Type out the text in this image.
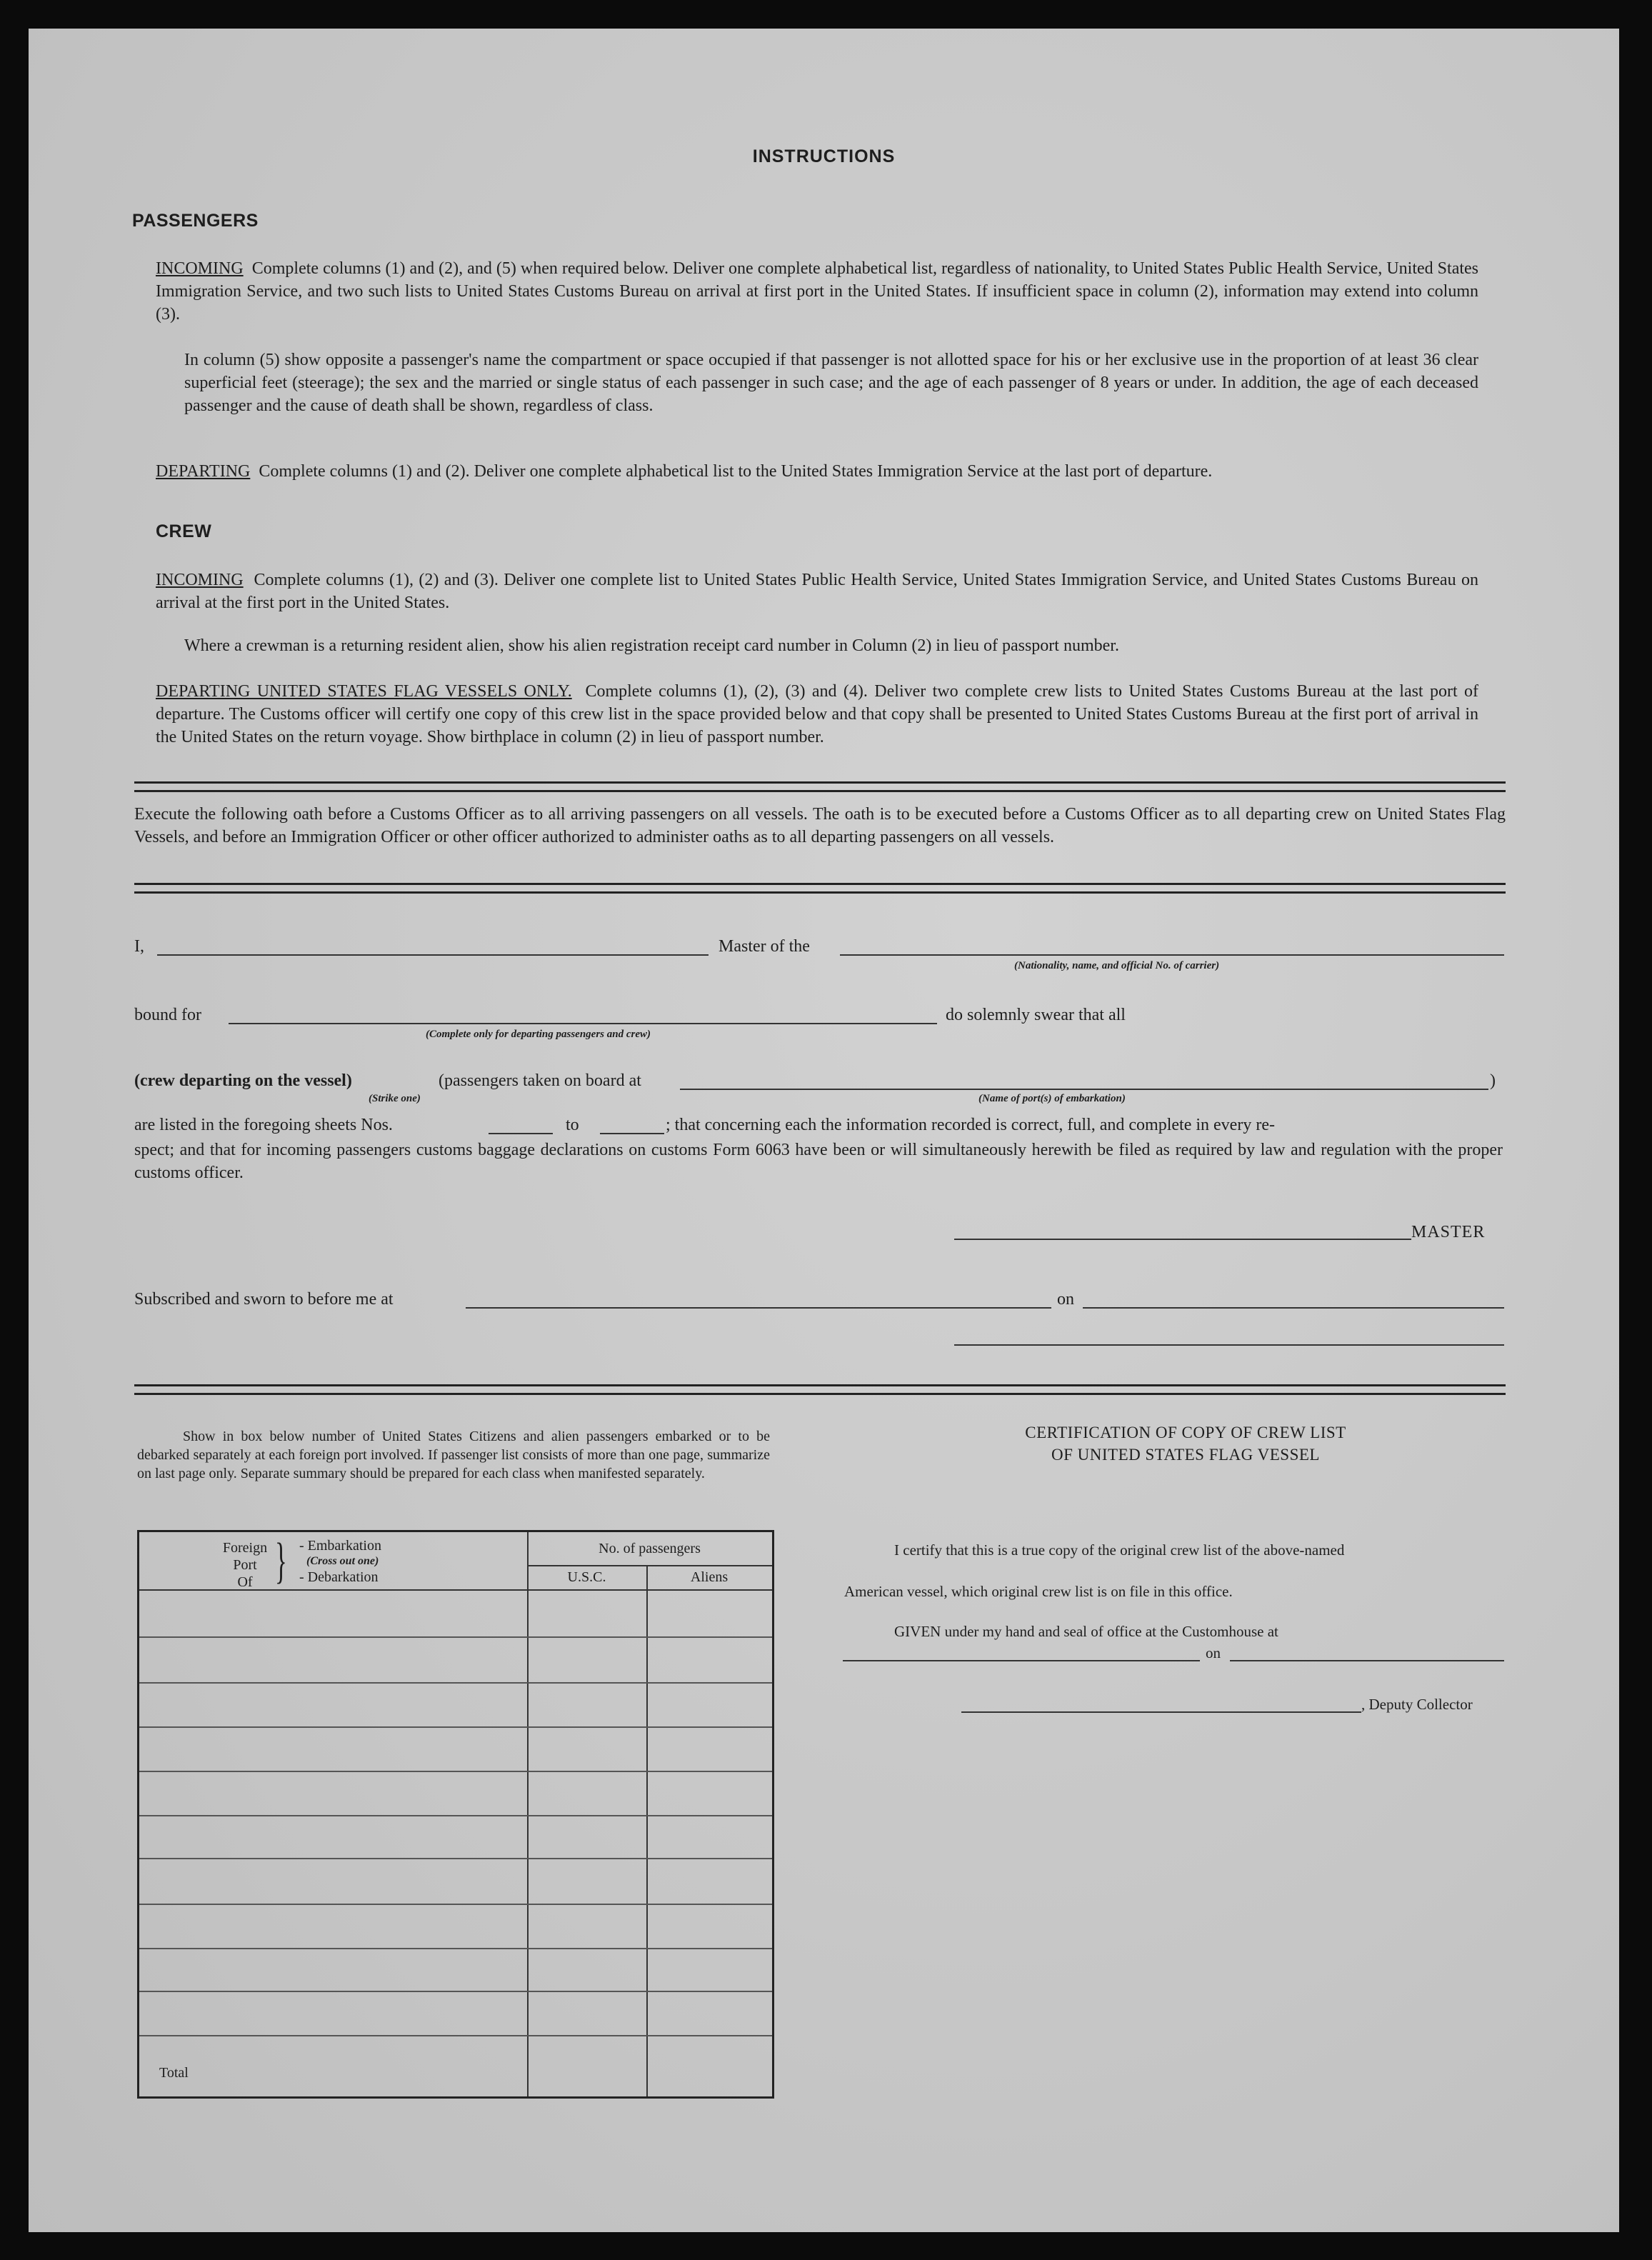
INSTRUCTIONS
PASSENGERS
INCOMING Complete columns (1) and (2), and (5) when required below. Deliver one complete alphabetical list, regardless of nationality, to United States Public Health Service, United States Immigration Service, and two such lists to United States Customs Bureau on arrival at first port in the United States. If insufficient space in column (2), information may extend into column (3).
In column (5) show opposite a passenger's name the compartment or space occupied if that passenger is not allotted space for his or her exclusive use in the proportion of at least 36 clear superficial feet (steerage); the sex and the married or single status of each passenger in such case; and the age of each passenger of 8 years or under. In addition, the age of each deceased passenger and the cause of death shall be shown, regardless of class.
DEPARTING Complete columns (1) and (2). Deliver one complete alphabetical list to the United States Immigration Service at the last port of departure.
CREW
INCOMING Complete columns (1), (2) and (3). Deliver one complete list to United States Public Health Service, United States Immigration Service, and United States Customs Bureau on arrival at the first port in the United States.
Where a crewman is a returning resident alien, show his alien registration receipt card number in Column (2) in lieu of passport number.
DEPARTING UNITED STATES FLAG VESSELS ONLY. Complete columns (1), (2), (3) and (4). Deliver two complete crew lists to United States Customs Bureau at the last port of departure. The Customs officer will certify one copy of this crew list in the space provided below and that copy shall be presented to United States Customs Bureau at the first port of arrival in the United States on the return voyage. Show birthplace in column (2) in lieu of passport number.
Execute the following oath before a Customs Officer as to all arriving passengers on all vessels. The oath is to be executed before a Customs Officer as to all departing crew on United States Flag Vessels, and before an Immigration Officer or other officer authorized to administer oaths as to all departing passengers on all vessels.
I,	Master of the
(Nationality, name, and official No. of carrier)
bound for
(Complete only for departing passengers and crew)
do solemnly swear that all
(crew departing on the vessel)	(passengers taken on board at	)
(Strike one)	(Name of port(s) of embarkation)
are listed in the foregoing sheets Nos.	to	; that concerning each the information recorded is correct, full, and complete in every re-
spect; and that for incoming passengers customs baggage declarations on customs Form 6063 have been or will simultaneously herewith be filed as required by law and regulation with the proper customs officer.
MASTER
Subscribed and sworn to before me at	on
Show in box below number of United States Citizens and alien passengers embarked or to be debarked separately at each foreign port involved. If passenger list consists of more than one page, summarize on last page only. Separate summary should be prepared for each class when manifested separately.
Foreign
Port
Of } - Embarkation
(Cross out one)
- Debarkation
No. of passengers
U.S.C.	Aliens
Total
CERTIFICATION OF COPY OF CREW LIST
OF UNITED STATES FLAG VESSEL
I certify that this is a true copy of the original crew list of the above-named
American vessel, which original crew list is on file in this office.
GIVEN under my hand and seal of office at the Customhouse at
on
, Deputy Collector
